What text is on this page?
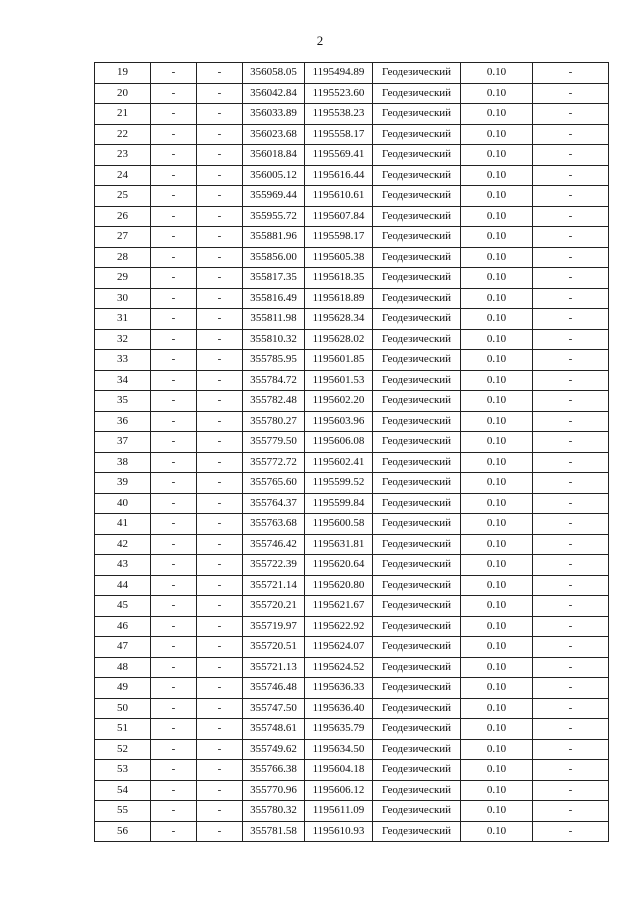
2
19	-	-	356058.05	1195494.89	Геодезический	0.10	-
20	-	-	356042.84	1195523.60	Геодезический	0.10	-
21	-	-	356033.89	1195538.23	Геодезический	0.10	-
22	-	-	356023.68	1195558.17	Геодезический	0.10	-
23	-	-	356018.84	1195569.41	Геодезический	0.10	-
24	-	-	356005.12	1195616.44	Геодезический	0.10	-
25	-	-	355969.44	1195610.61	Геодезический	0.10	-
26	-	-	355955.72	1195607.84	Геодезический	0.10	-
27	-	-	355881.96	1195598.17	Геодезический	0.10	-
28	-	-	355856.00	1195605.38	Геодезический	0.10	-
29	-	-	355817.35	1195618.35	Геодезический	0.10	-
30	-	-	355816.49	1195618.89	Геодезический	0.10	-
31	-	-	355811.98	1195628.34	Геодезический	0.10	-
32	-	-	355810.32	1195628.02	Геодезический	0.10	-
33	-	-	355785.95	1195601.85	Геодезический	0.10	-
34	-	-	355784.72	1195601.53	Геодезический	0.10	-
35	-	-	355782.48	1195602.20	Геодезический	0.10	-
36	-	-	355780.27	1195603.96	Геодезический	0.10	-
37	-	-	355779.50	1195606.08	Геодезический	0.10	-
38	-	-	355772.72	1195602.41	Геодезический	0.10	-
39	-	-	355765.60	1195599.52	Геодезический	0.10	-
40	-	-	355764.37	1195599.84	Геодезический	0.10	-
41	-	-	355763.68	1195600.58	Геодезический	0.10	-
42	-	-	355746.42	1195631.81	Геодезический	0.10	-
43	-	-	355722.39	1195620.64	Геодезический	0.10	-
44	-	-	355721.14	1195620.80	Геодезический	0.10	-
45	-	-	355720.21	1195621.67	Геодезический	0.10	-
46	-	-	355719.97	1195622.92	Геодезический	0.10	-
47	-	-	355720.51	1195624.07	Геодезический	0.10	-
48	-	-	355721.13	1195624.52	Геодезический	0.10	-
49	-	-	355746.48	1195636.33	Геодезический	0.10	-
50	-	-	355747.50	1195636.40	Геодезический	0.10	-
51	-	-	355748.61	1195635.79	Геодезический	0.10	-
52	-	-	355749.62	1195634.50	Геодезический	0.10	-
53	-	-	355766.38	1195604.18	Геодезический	0.10	-
54	-	-	355770.96	1195606.12	Геодезический	0.10	-
55	-	-	355780.32	1195611.09	Геодезический	0.10	-
56	-	-	355781.58	1195610.93	Геодезический	0.10	-
